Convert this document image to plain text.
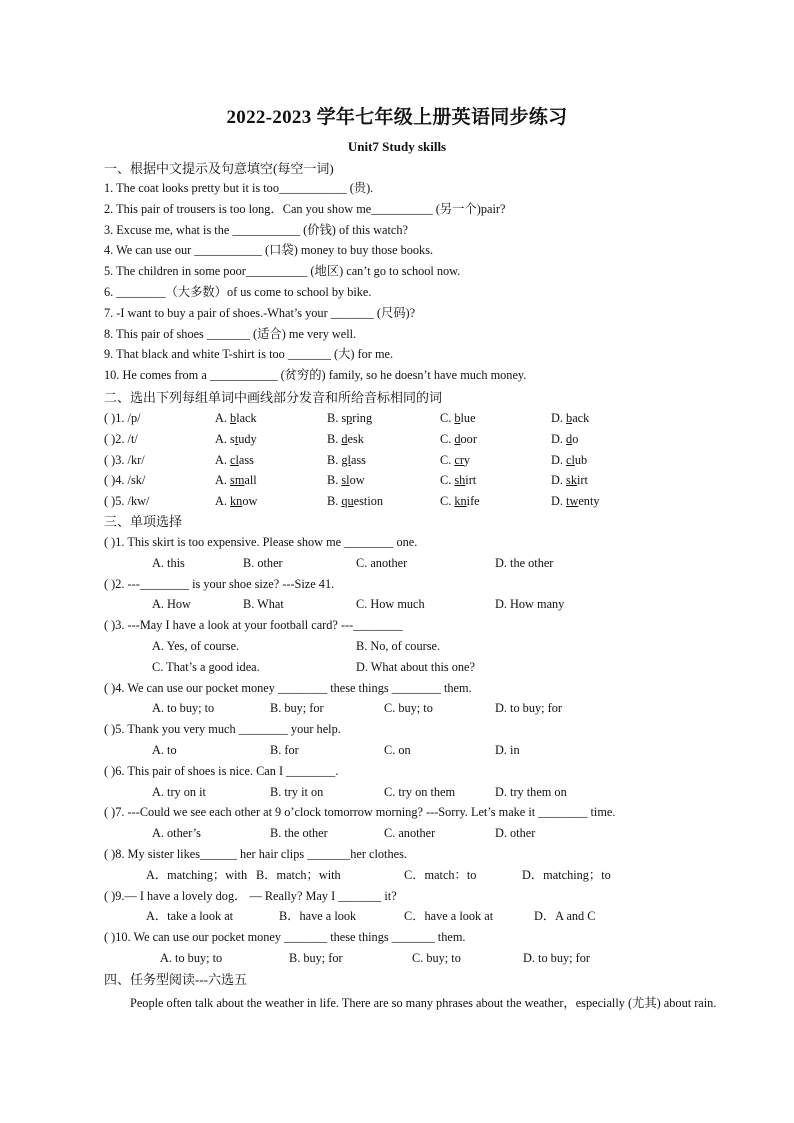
2022-2023 学年七年级上册英语同步练习
Unit7 Study skills
一、根据中文提示及句意填空(每空一词)
1. The coat looks pretty but it is too___________ (贵).
2. This pair of trousers is too long．Can you show me__________ (另一个)pair?
3. Excuse me, what is the ___________ (价钱) of this watch?
4. We can use our ___________ (口袋) money to buy those books.
5. The children in some poor__________ (地区) can’t go to school now.
6. ________（大多数）of us come to school by bike.
7. -I want to buy a pair of shoes.-What’s your _______ (尺码)?
8. This pair of shoes _______ (适合) me very well.
9. That black and white T-shirt is too _______ (大) for me.
10. He comes from a ___________ (贫穷的) family, so he doesn’t have much money.
二、选出下列每组单词中画线部分发音和所给音标相同的词
( )1. /p/	A. black	B. spring	C. blue	D. back
( )2. /t/	A. study	B. desk	C. door	D. do
( )3. /kr/	A. class	B. glass	C. cry	D. club
( )4. /sk/	A. small	B. slow	C. shirt	D. skirt
( )5. /kw/	A. know	B. question	C. knife	D. twenty
三、单项选择
( )1. This skirt is too expensive. Please show me ________ one.
A. this	B. other	C. another	D. the other
( )2. ---________ is your shoe size? ---Size 41.
A. How	B. What	C. How much	D. How many
( )3. ---May I have a look at your football card? ---________
A. Yes, of course.	B. No, of course.
C. That’s a good idea.	D. What about this one?
( )4. We can use our pocket money ________ these things ________ them.
A. to buy; to	B. buy; for	C. buy; to	D. to buy; for
( )5. Thank you very much ________ your help.
A. to	B. for	C. on	D. in
( )6. This pair of shoes is nice. Can I ________.
A. try on it	B. try it on	C. try on them	D. try them on
( )7. ---Could we see each other at 9 o’clock tomorrow morning? ---Sorry. Let’s make it ________ time.
A. other’s	B. the other	C. another	D. other
( )8. My sister likes______ her hair clips _______her clothes.
A．matching；with B．match；with	C．match：to	D．matching；to
( )9.— I have a lovely dog． — Really? May I _______ it?
A．take a look at	B．have a look	C．have a look at	D．A and C
( )10. We can use our pocket money _______ these things _______ them.
A. to buy; to	B. buy; for	C. buy; to	D. to buy; for
四、任务型阅读---六选五
People often talk about the weather in life. There are so many phrases about the weather，especially (尤其) about rain.
